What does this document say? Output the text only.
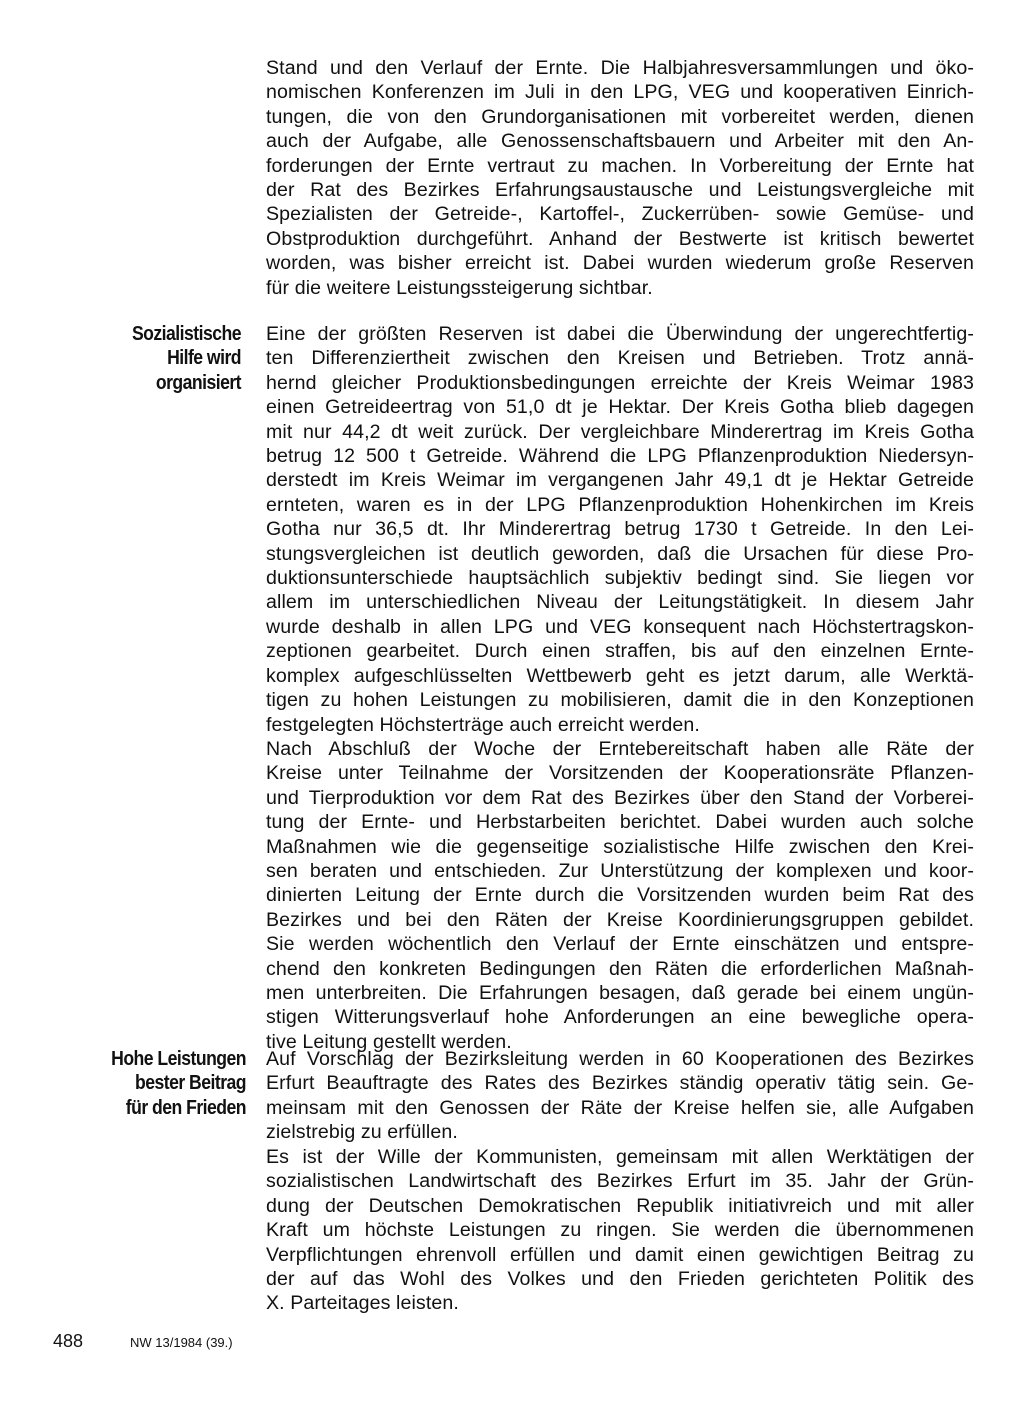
Stand und den Verlauf der Ernte. Die Halbjahresversammlungen und öko-
nomischen Konferenzen im Juli in den LPG, VEG und kooperativen Einrich-
tungen, die von den Grundorganisationen mit vorbereitet werden, dienen
auch der Aufgabe, alle Genossenschaftsbauern und Arbeiter mit den An-
forderungen der Ernte vertraut zu machen. In Vorbereitung der Ernte hat
der Rat des Bezirkes Erfahrungsaustausche und Leistungsvergleiche mit
Spezialisten der Getreide-, Kartoffel-, Zuckerrüben- sowie Gemüse- und
Obstproduktion durchgeführt. Anhand der Bestwerte ist kritisch bewertet
worden, was bisher erreicht ist. Dabei wurden wiederum große Reserven
für die weitere Leistungssteigerung sichtbar.
Sozialistische
Hilfe wird
organisiert
Eine der größten Reserven ist dabei die Überwindung der ungerechtfertig-
ten Differenziertheit zwischen den Kreisen und Betrieben. Trotz annä-
hernd gleicher Produktionsbedingungen erreichte der Kreis Weimar 1983
einen Getreideertrag von 51,0 dt je Hektar. Der Kreis Gotha blieb dagegen
mit nur 44,2 dt weit zurück. Der vergleichbare Minderertrag im Kreis Gotha
betrug 12 500 t Getreide. Während die LPG Pflanzenproduktion Niedersyn-
derstedt im Kreis Weimar im vergangenen Jahr 49,1 dt je Hektar Getreide
ernteten, waren es in der LPG Pflanzenproduktion Hohenkirchen im Kreis
Gotha nur 36,5 dt. Ihr Minderertrag betrug 1730 t Getreide. In den Lei-
stungsvergleichen ist deutlich geworden, daß die Ursachen für diese Pro-
duktionsunterschiede hauptsächlich subjektiv bedingt sind. Sie liegen vor
allem im unterschiedlichen Niveau der Leitungstätigkeit. In diesem Jahr
wurde deshalb in allen LPG und VEG konsequent nach Höchstertragskon-
zeptionen gearbeitet. Durch einen straffen, bis auf den einzelnen Ernte-
komplex aufgeschlüsselten Wettbewerb geht es jetzt darum, alle Werktä-
tigen zu hohen Leistungen zu mobilisieren, damit die in den Konzeptionen
festgelegten Höchsterträge auch erreicht werden.
Nach Abschluß der Woche der Erntebereitschaft haben alle Räte der
Kreise unter Teilnahme der Vorsitzenden der Kooperationsräte Pflanzen-
und Tierproduktion vor dem Rat des Bezirkes über den Stand der Vorberei-
tung der Ernte- und Herbstarbeiten berichtet. Dabei wurden auch solche
Maßnahmen wie die gegenseitige sozialistische Hilfe zwischen den Krei-
sen beraten und entschieden. Zur Unterstützung der komplexen und koor-
dinierten Leitung der Ernte durch die Vorsitzenden wurden beim Rat des
Bezirkes und bei den Räten der Kreise Koordinierungsgruppen gebildet.
Sie werden wöchentlich den Verlauf der Ernte einschätzen und entspre-
chend den konkreten Bedingungen den Räten die erforderlichen Maßnah-
men unterbreiten. Die Erfahrungen besagen, daß gerade bei einem ungün-
stigen Witterungsverlauf hohe Anforderungen an eine bewegliche opera-
tive Leitung gestellt werden.
Hohe Leistungen
bester Beitrag
für den Frieden
Auf Vorschlag der Bezirksleitung werden in 60 Kooperationen des Bezirkes
Erfurt Beauftragte des Rates des Bezirkes ständig operativ tätig sein. Ge-
meinsam mit den Genossen der Räte der Kreise helfen sie, alle Aufgaben
zielstrebig zu erfüllen.
Es ist der Wille der Kommunisten, gemeinsam mit allen Werktätigen der
sozialistischen Landwirtschaft des Bezirkes Erfurt im 35. Jahr der Grün-
dung der Deutschen Demokratischen Republik initiativreich und mit aller
Kraft um höchste Leistungen zu ringen. Sie werden die übernommenen
Verpflichtungen ehrenvoll erfüllen und damit einen gewichtigen Beitrag zu
der auf das Wohl des Volkes und den Frieden gerichteten Politik des
X. Parteitages leisten.
488	NW 13/1984 (39.)
